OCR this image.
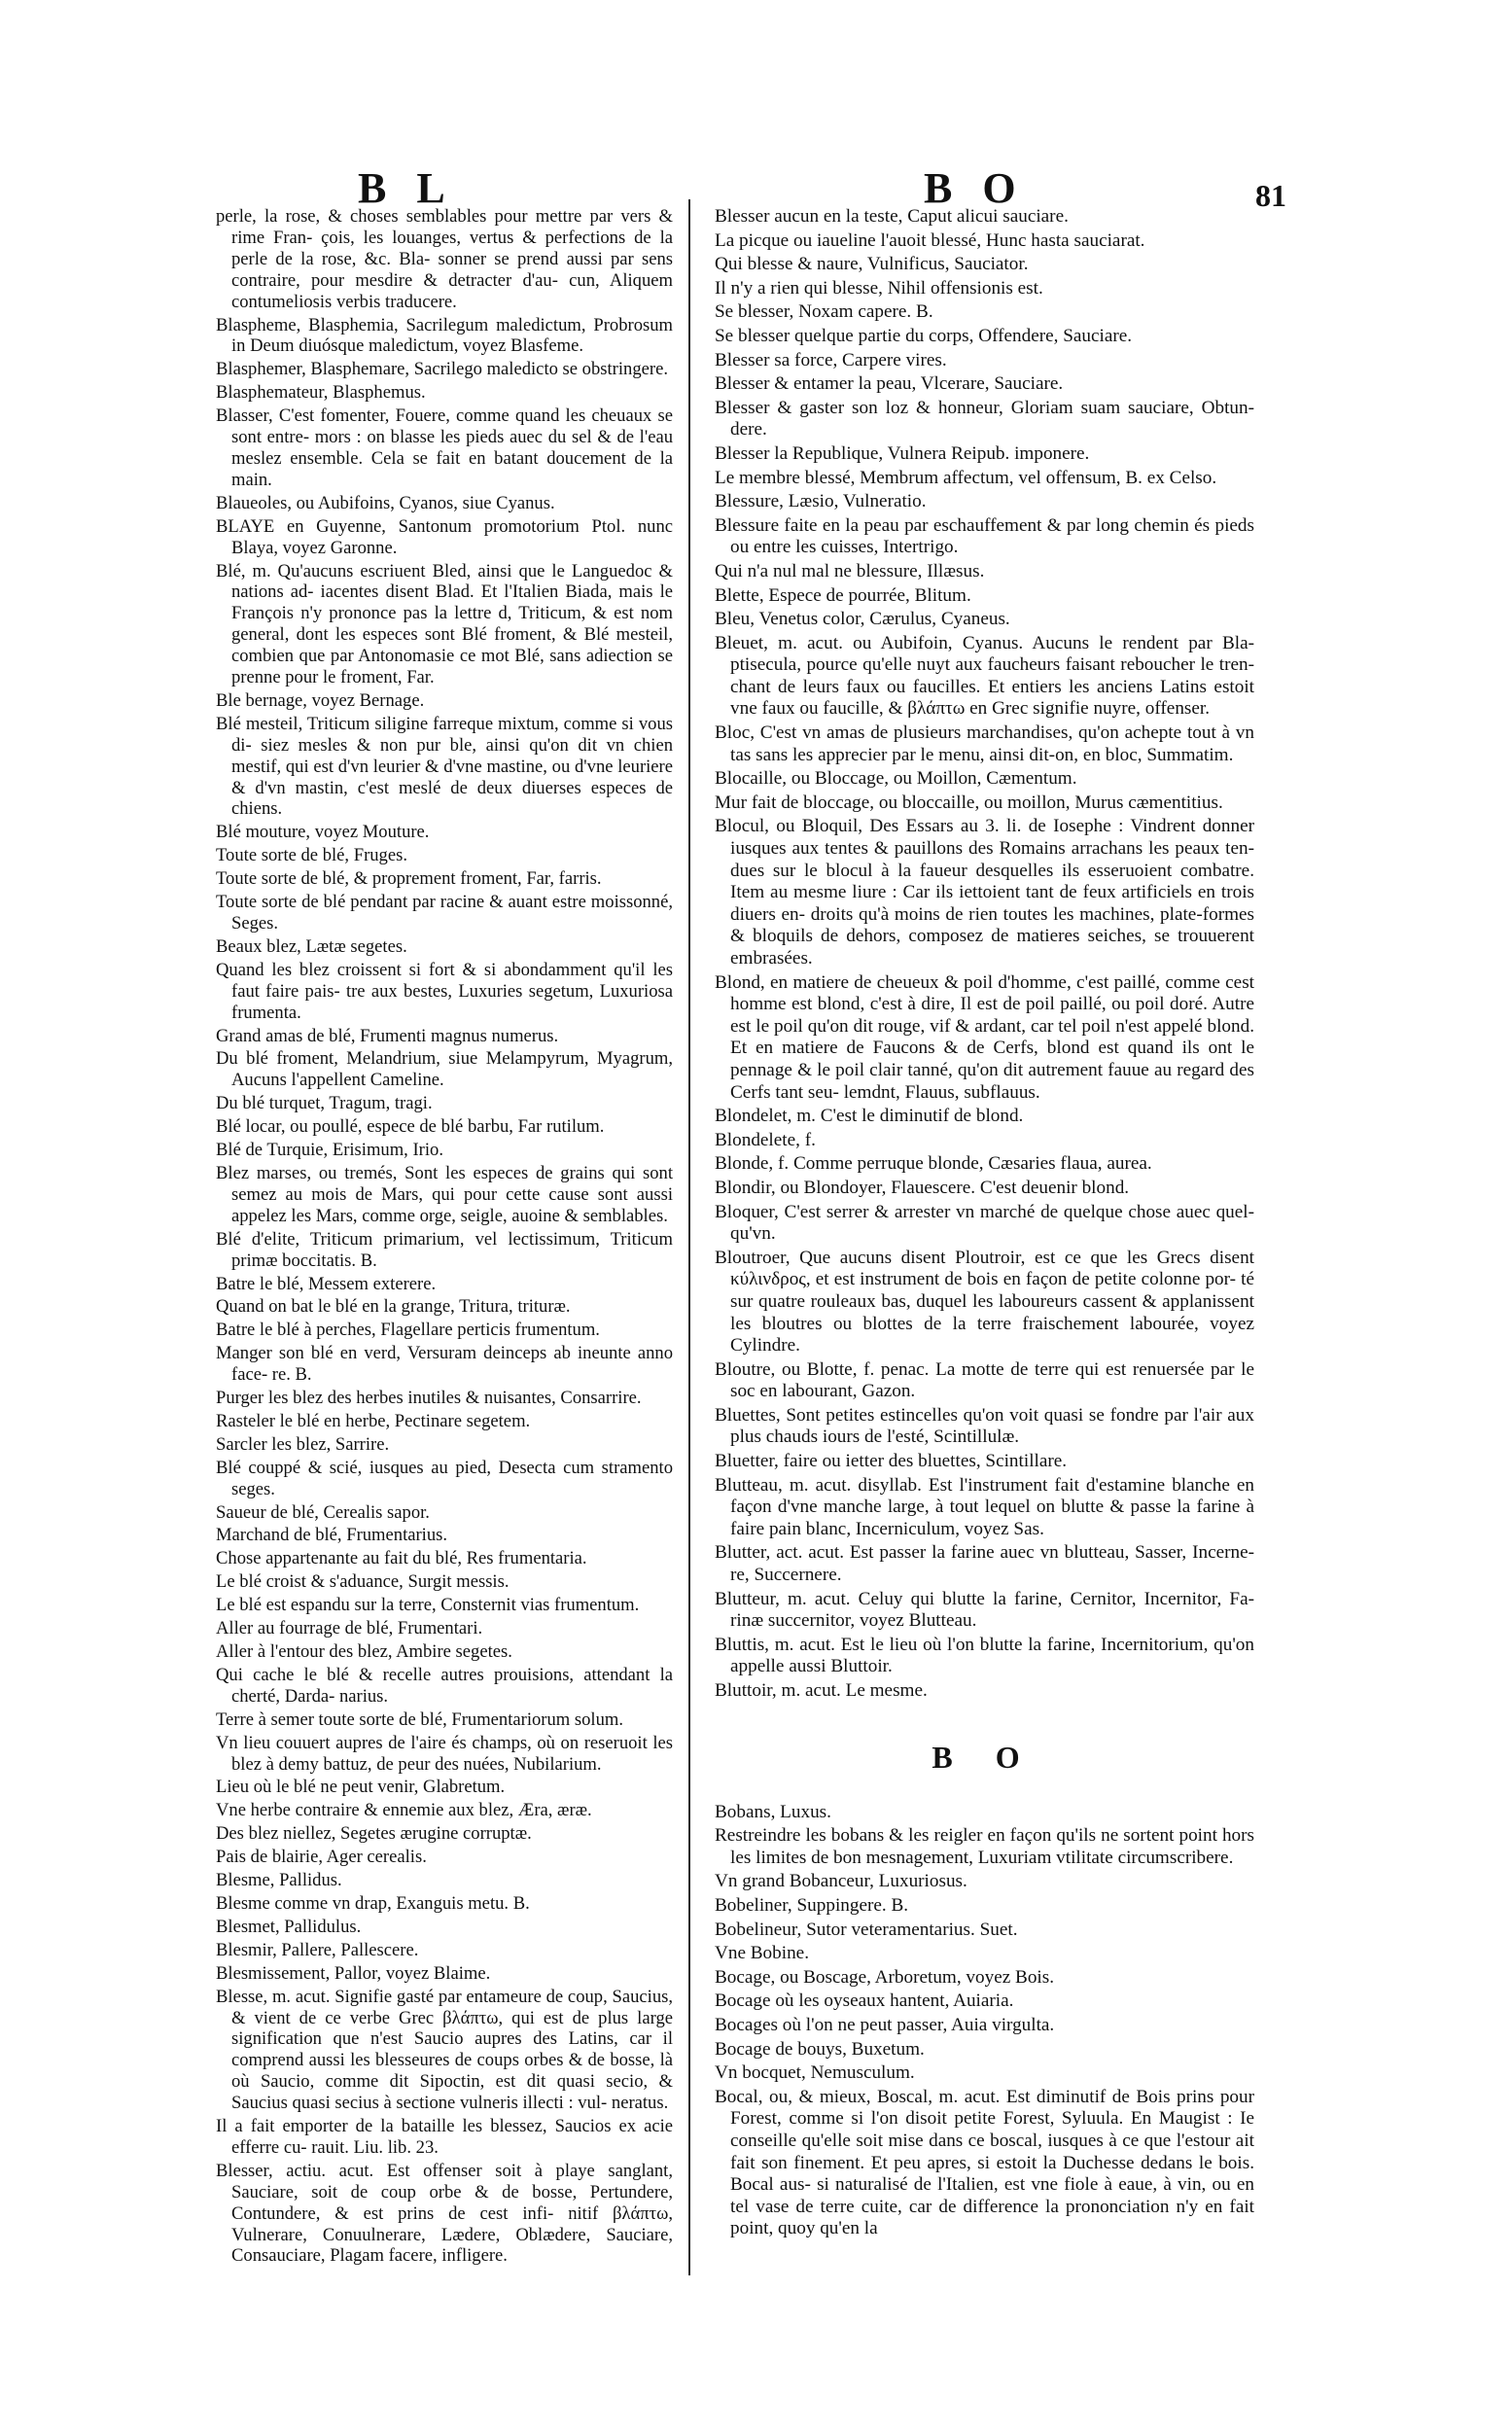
B L	B O	81

perle, la rose, & choses semblables pour mettre par vers & rime Fran- çois, les louanges, vertus & perfections de la perle de la rose, &c. Bla- sonner se prend aussi par sens contraire, pour mesdire & detracter d'au- cun, Aliquem contumeliosis verbis traducere.

Blaspheme, Blasphemia, Sacrilegum maledictum, Probrosum in Deum diuósque maledictum, voyez Blasfeme.

Blasphemer, Blasphemare, Sacrilego maledicto se obstringere.

Blasphemateur, Blasphemus.

Blasser, C'est fomenter, Fouere, comme quand les cheuaux se sont entre- mors : on blasse les pieds auec du sel & de l'eau meslez ensemble. Cela se fait en batant doucement de la main.

Blaueoles, ou Aubifoins, Cyanos, siue Cyanus.

BLAYE en Guyenne, Santonum promotorium Ptol. nunc Blaya, voyez Garonne.

Blé, m. Qu'aucuns escriuent Bled, ainsi que le Languedoc & nations ad- iacentes disent Blad. Et l'Italien Biada, mais le François n'y prononce pas la lettre d, Triticum, & est nom general, dont les especes sont Blé froment, & Blé mesteil, combien que par Antonomasie ce mot Blé, sans adiection se prenne pour le froment, Far.

Ble bernage, voyez Bernage.

Blé mesteil, Triticum siligine farreque mixtum, comme si vous di- siez mesles & non pur ble, ainsi qu'on dit vn chien mestif, qui est d'vn leurier & d'vne mastine, ou d'vne leuriere & d'vn mastin, c'est meslé de deux diuerses especes de chiens.

Blé mouture, voyez Mouture.

Toute sorte de blé, Fruges.

Toute sorte de blé, & proprement froment, Far, farris.

Toute sorte de blé pendant par racine & auant estre moissonné, Seges.

Beaux blez, Lætæ segetes.

Quand les blez croissent si fort & si abondamment qu'il les faut faire pais- tre aux bestes, Luxuries segetum, Luxuriosa frumenta.

Grand amas de blé, Frumenti magnus numerus.

Du blé froment, Melandrium, siue Melampyrum, Myagrum, Aucuns l'appellent Cameline.

Du blé turquet, Tragum, tragi.

Blé locar, ou poullé, espece de blé barbu, Far rutilum.

Blé de Turquie, Erisimum, Irio.

Blez marses, ou tremés, Sont les especes de grains qui sont semez au mois de Mars, qui pour cette cause sont aussi appelez les Mars, comme orge, seigle, auoine & semblables.

Blé d'elite, Triticum primarium, vel lectissimum, Triticum primæ boccitatis. B.

Batre le blé, Messem exterere.

Quand on bat le blé en la grange, Tritura, trituræ.

Batre le blé à perches, Flagellare perticis frumentum.

Manger son blé en verd, Versuram deinceps ab ineunte anno face- re. B.

Purger les blez des herbes inutiles & nuisantes, Consarrire.

Rasteler le blé en herbe, Pectinare segetem.

Sarcler les blez, Sarrire.

Blé couppé & scié, iusques au pied, Desecta cum stramento seges.

Saueur de blé, Cerealis sapor.

Marchand de blé, Frumentarius.

Chose appartenante au fait du blé, Res frumentaria.

Le blé croist & s'aduance, Surgit messis.

Le blé est espandu sur la terre, Consternit vias frumentum.

Aller au fourrage de blé, Frumentari.

Aller à l'entour des blez, Ambire segetes.

Qui cache le blé & recelle autres prouisions, attendant la cherté, Darda- narius.

Terre à semer toute sorte de blé, Frumentariorum solum.

Vn lieu couuert aupres de l'aire és champs, où on reseruoit les blez à demy battuz, de peur des nuées, Nubilarium.

Lieu où le blé ne peut venir, Glabretum.

Vne herbe contraire & ennemie aux blez, Æra, æræ.

Des blez niellez, Segetes ærugine corruptæ.

Pais de blairie, Ager cerealis.

Blesme, Pallidus.

Blesme comme vn drap, Exanguis metu. B.

Blesmet, Pallidulus.

Blesmir, Pallere, Pallescere.

Blesmissement, Pallor, voyez Blaime.

Blesse, m. acut. Signifie gasté par entameure de coup, Saucius, & vient de ce verbe Grec βλάπτω, qui est de plus large signification que n'est Saucio aupres des Latins, car il comprend aussi les blesseures de coups orbes & de bosse, là où Saucio, comme dit Sipoctin, est dit quasi secio, & Saucius quasi secius à sectione vulneris illecti : vul- neratus.

Il a fait emporter de la bataille les blessez, Saucios ex acie efferre cu- rauit. Liu. lib. 23.

Blesser, actiu. acut. Est offenser soit à playe sanglant, Sauciare, soit de coup orbe & de bosse, Pertundere, Contundere, & est prins de cest infi- nitif βλάπτω, Vulnerare, Conuulnerare, Lædere, Oblædere, Sauciare, Consauciare, Plagam facere, infligere.

Blesser aucun en la teste, Caput alicui sauciare.

La picque ou iaueline l'auoit blessé, Hunc hasta sauciarat.

Qui blesse & naure, Vulnificus, Sauciator.

Il n'y a rien qui blesse, Nihil offensionis est.

Se blesser, Noxam capere. B.

Se blesser quelque partie du corps, Offendere, Sauciare.

Blesser sa force, Carpere vires.

Blesser & entamer la peau, Vlcerare, Sauciare.

Blesser & gaster son loz & honneur, Gloriam suam sauciare, Obtun- dere.

Blesser la Republique, Vulnera Reipub. imponere.

Le membre blessé, Membrum affectum, vel offensum, B. ex Celso.

Blessure, Læsio, Vulneratio.

Blessure faite en la peau par eschauffement & par long chemin és pieds ou entre les cuisses, Intertrigo.

Qui n'a nul mal ne blessure, Illæsus.

Blette, Espece de pourrée, Blitum.

Bleu, Venetus color, Cærulus, Cyaneus.

Bleuet, m. acut. ou Aubifoin, Cyanus. Aucuns le rendent par Bla- ptisecula, pource qu'elle nuyt aux faucheurs faisant reboucher le tren- chant de leurs faux ou faucilles. Et entiers les anciens Latins estoit vne faux ou faucille, & βλάπτω en Grec signifie nuyre, offenser.

Bloc, C'est vn amas de plusieurs marchandises, qu'on achepte tout à vn tas sans les apprecier par le menu, ainsi dit-on, en bloc, Summatim.

Blocaille, ou Bloccage, ou Moillon, Cæmentum.

Mur fait de bloccage, ou bloccaille, ou moillon, Murus cæmentitius.

Blocul, ou Bloquil, Des Essars au 3. li. de Iosephe : Vindrent donner iusques aux tentes & pauillons des Romains arrachans les peaux ten- dues sur le blocul à la faueur desquelles ils esseruoient combatre. Item au mesme liure : Car ils iettoient tant de feux artificiels en trois diuers en- droits qu'à moins de rien toutes les machines, plate-formes & bloquils de dehors, composez de matieres seiches, se trouuerent embrasées.

Blond, en matiere de cheueux & poil d'homme, c'est paillé, comme cest homme est blond, c'est à dire, Il est de poil paillé, ou poil doré. Autre est le poil qu'on dit rouge, vif & ardant, car tel poil n'est appelé blond. Et en matiere de Faucons & de Cerfs, blond est quand ils ont le pennage & le poil clair tanné, qu'on dit autrement fauue au regard des Cerfs tant seu- lemdnt, Flauus, subflauus.

Blondelet, m. C'est le diminutif de blond.

Blondelete, f.

Blonde, f. Comme perruque blonde, Cæsaries flaua, aurea.

Blondir, ou Blondoyer, Flauescere. C'est deuenir blond.

Bloquer, C'est serrer & arrester vn marché de quelque chose auec quel- qu'vn.

Bloutroer, Que aucuns disent Ploutroir, est ce que les Grecs disent κύλινδρος, et est instrument de bois en façon de petite colonne por- té sur quatre rouleaux bas, duquel les laboureurs cassent & applanissent les bloutres ou blottes de la terre fraischement labourée, voyez Cylindre.

Bloutre, ou Blotte, f. penac. La motte de terre qui est renuersée par le soc en labourant, Gazon.

Bluettes, Sont petites estincelles qu'on voit quasi se fondre par l'air aux plus chauds iours de l'esté, Scintillulæ.

Bluetter, faire ou ietter des bluettes, Scintillare.

Blutteau, m. acut. disyllab. Est l'instrument fait d'estamine blanche en façon d'vne manche large, à tout lequel on blutte & passe la farine à faire pain blanc, Incerniculum, voyez Sas.

Blutter, act. acut. Est passer la farine auec vn blutteau, Sasser, Incerne- re, Succernere.

Blutteur, m. acut. Celuy qui blutte la farine, Cernitor, Incernitor, Fa- rinæ succernitor, voyez Blutteau.

Bluttis, m. acut. Est le lieu où l'on blutte la farine, Incernitorium, qu'on appelle aussi Bluttoir.

Bluttoir, m. acut. Le mesme.

B O

Bobans, Luxus.

Restreindre les bobans & les reigler en façon qu'ils ne sortent point hors les limites de bon mesnagement, Luxuriam vtilitate circumscribere.

Vn grand Bobanceur, Luxuriosus.

Bobeliner, Suppingere. B.

Bobelineur, Sutor veteramentarius. Suet.

Vne Bobine.

Bocage, ou Boscage, Arboretum, voyez Bois.

Bocage où les oyseaux hantent, Auiaria.

Bocages où l'on ne peut passer, Auia virgulta.

Bocage de bouys, Buxetum.

Vn bocquet, Nemusculum.

Bocal, ou, & mieux, Boscal, m. acut. Est diminutif de Bois prins pour Forest, comme si l'on disoit petite Forest, Syluula. En Maugist : Ie conseille qu'elle soit mise dans ce boscal, iusques à ce que l'estour ait fait son finement. Et peu apres, si estoit la Duchesse dedans le bois. Bocal aus- si naturalisé de l'Italien, est vne fiole à eaue, à vin, ou en tel vase de terre cuite, car de difference la prononciation n'y en fait point, quoy qu'en la
